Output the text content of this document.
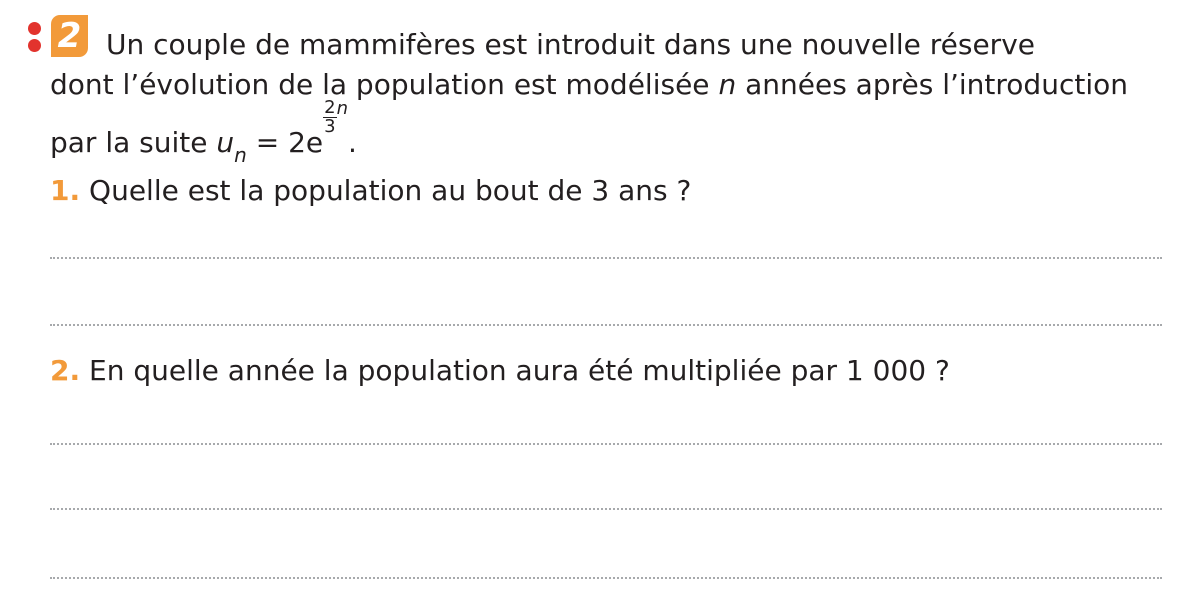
2 Un couple de mammifères est introduit dans une nouvelle réserve
dont l’évolution de la population est modélisée n années après l’introduction
par la suite $u_n = 2e$
$\frac{2}{3} n$.
1. Quelle est la population au bout de 3 ans ?
2. En quelle année la population aura été multipliée par 1 000 ?
